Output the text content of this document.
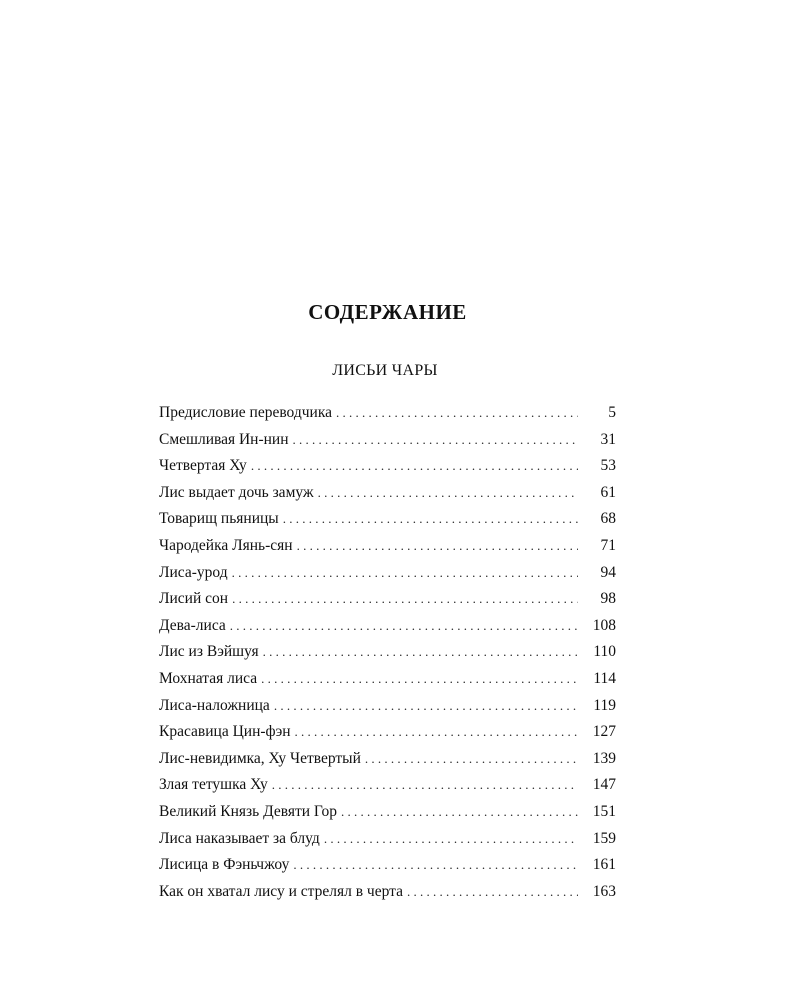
СОДЕРЖАНИЕ
ЛИСЬИ ЧАРЫ
Предисловие переводчика . . .	5
Смешливая Ин-нин . . .	31
Четвертая Ху . . .	53
Лис выдает дочь замуж . . .	61
Товарищ пьяницы . . .	68
Чародейка Лянь-сян . . .	71
Лиса-урод . . .	94
Лисий сон . . .	98
Дева-лиса . . .	108
Лис из Вэйшуя . . .	110
Мохнатая лиса . . .	114
Лиса-наложница . . .	119
Красавица Цин-фэн . . .	127
Лис-невидимка, Ху Четвертый . . .	139
Злая тетушка Ху . . .	147
Великий Князь Девяти Гор . . .	151
Лиса наказывает за блуд . . .	159
Лисица в Фэньчжоу . . .	161
Как он хватал лису и стрелял в черта . . .	163
